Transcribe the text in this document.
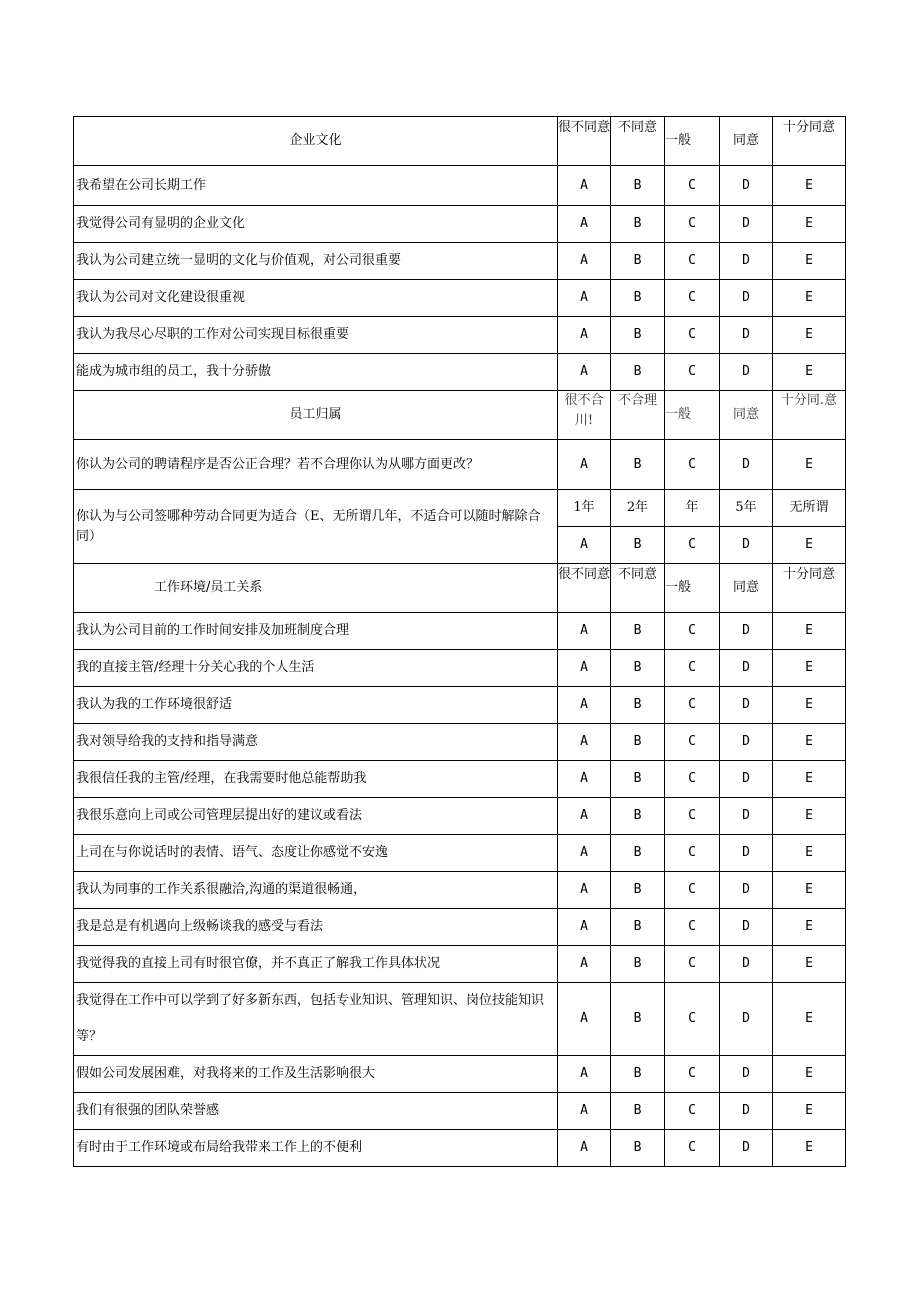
企业文化	很不同意	不同意	一般	同意	十分同意
我希望在公司长期工作	A	B	C	D	E
我觉得公司有显明的企业文化	A	B	C	D	E
我认为公司建立统一显明的文化与价值观，对公司很重要	A	B	C	D	E
我认为公司对文化建设很重视	A	B	C	D	E
我认为我尽心尽职的工作对公司实现目标很重要	A	B	C	D	E
能成为城市组的员工，我十分骄傲	A	B	C	D	E
员工归属	很不合川!	不合理	一般	同意	十分同.意
你认为公司的聘请程序是否公正合理？若不合理你认为从哪方面更改？	A	B	C	D	E
你认为与公司签哪种劳动合同更为适合（E、无所谓几年，不适合可以随时解除合同）	1年	2年	年	5年	无所谓
	A	B	C	D	E
工作环境/员工关系	很不同意	不同意	一般	同意	十分同意
我认为公司目前的工作时间安排及加班制度合理	A	B	C	D	E
我的直接主管/经理十分关心我的个人生活	A	B	C	D	E
我认为我的工作环境很舒适	A	B	C	D	E
我对领导给我的支持和指导满意	A	B	C	D	E
我很信任我的主管/经理，在我需要时他总能帮助我	A	B	C	D	E
我很乐意向上司或公司管理层提出好的建议或看法	A	B	C	D	E
上司在与你说话时的表情、语气、态度让你感觉不安逸	A	B	C	D	E
我认为同事的工作关系很融洽,沟通的渠道很畅通，	A	B	C	D	E
我是总是有机遇向上级畅谈我的感受与看法	A	B	C	D	E
我觉得我的直接上司有时很官僚，并不真正了解我工作具体状况	A	B	C	D	E
我觉得在工作中可以学到了好多新东西，包括专业知识、管理知识、岗位技能知识等？	A	B	C	D	E
假如公司发展困难，对我将来的工作及生活影响很大	A	B	C	D	E
我们有很强的团队荣誉感	A	B	C	D	E
有时由于工作环境或布局给我带来工作上的不便利	A	B	C	D	E
